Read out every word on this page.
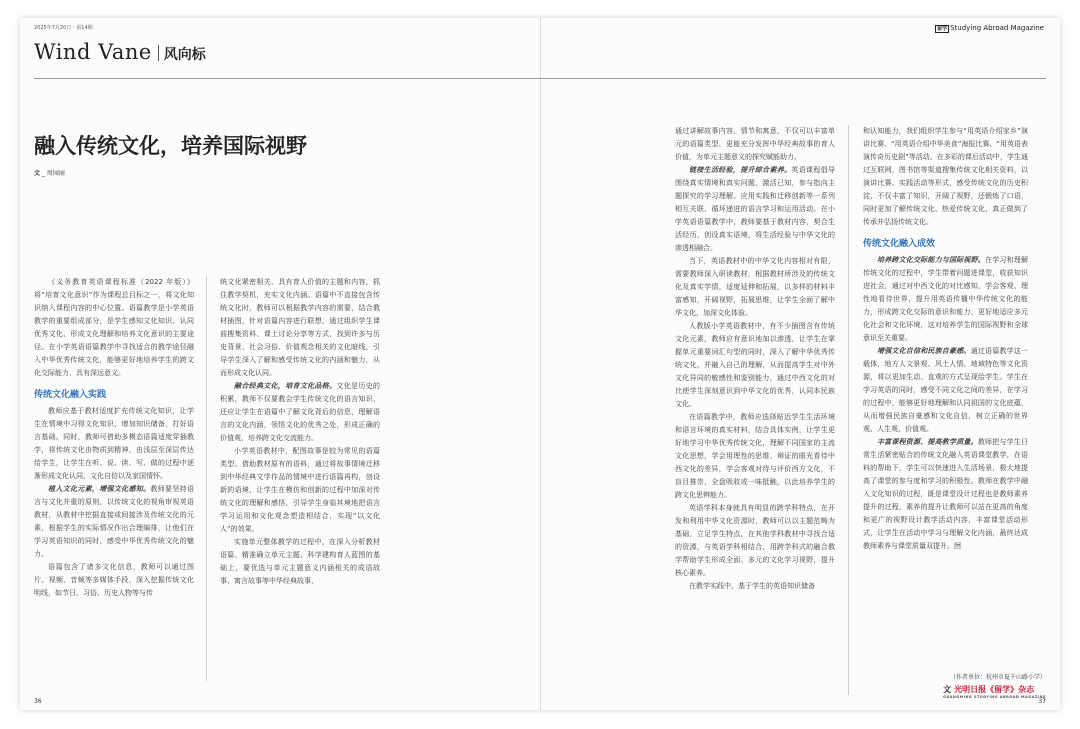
2025年7月20日・第14期	留学 Studying Abroad Magazine
Wind Vane 风向标
融入传统文化，培养国际视野
文 _ 周园丽

《义务教育英语课程标准（2022 年版）》将“培育文化意识”作为课程总目标之一，将文化知识纳入课程内容的中心位置。语篇教学是小学英语教学的重要组成部分，是学生感知文化知识、认同优秀文化、形成文化理解和培养文化意识的主要途径。在小学英语语篇教学中寻找适合的教学途径融入中华优秀传统文化，能够更好地培养学生的跨文化交际能力，具有深远意义。

传统文化融入实践

教师应基于教材适度扩充传统文化知识，让学生在情境中习得文化知识，增加知识储备，打好语言基础。同时，教师可借助多模态语篇适度穿插教学，将传统文化由物质到精神，由浅层至深层传达给学生，让学生在听、说、读、写、做的过程中逐渐形成文化认同、文化自信以及家国情怀。

植入文化元素，增强文化感知。教师要坚持语言与文化并重的原则，以传统文化的视角审视英语教材，从教材中挖掘直接或间接涉及传统文化的元素，根据学生的实际情况作出合理编排，让他们在学习英语知识的同时，感受中华优秀传统文化的魅力。

语篇包含了诸多文化信息，教师可以通过图片、视频、音频等多媒体手段，深入挖掘传统文化明线，如节日、习俗、历史人物等与传

统文化紧密相关、具有育人价值的主题和内容，抓住教学契机，充实文化内涵。语篇中不直接包含传统文化时，教师可以根据教学内容的需要，结合教材插图，针对语篇内容进行联想，通过组织学生课前搜集资料、课上讨论分享等方式，找到许多与历史背景、社会习俗、价值观念相关的文化暗线，引导学生深入了解和感受传统文化的内涵和魅力，从而形成文化认同。

融合经典文化，培育文化品格。文化是历史的积累，教师不仅要教会学生传统文化的语言知识，还应让学生在语篇中了解文化背后的信息，理解语言的文化内涵，领悟文化的优秀之处，形成正确的价值观，培养跨文化交流能力。

小学英语教材中，配图故事是较为常见的语篇类型。借助教材原有的语料，通过将故事情境迁移到中华经典文学作品的情境中进行语篇再构，创设新的语境，让学生在模仿和创新的过程中加深对传统文化的理解和感悟，引导学生身临其境地把语言学习运用和文化观念塑造相结合，实现“以文化人”的效果。

实施单元整体教学的过程中，在深入分析教材语篇、精准确立单元主题、科学建构育人蓝图的基础上，要优选与单元主题意义内涵相关的成语故事、寓言故事等中华经典故事，

通过讲解故事内容、情节和寓意，不仅可以丰富单元的语篇类型，更能充分发挥中华经典故事的育人价值，为单元主题意义的探究赋能助力。

链接生活经验，提升综合素养。英语课程倡导围绕真实情境和真实问题，激活已知，参与指向主题探究的学习理解、应用实践和迁移创新等一系列相互关联、循环递进的语言学习和运用活动。在小学英语语篇教学中，教师要基于教材内容，契合生活经历，创设真实语境，将生活经验与中华文化的渗透相融合。

当下，英语教材中的中华文化内容相对有限，需要教师深入研读教材，根据教材所涉及的传统文化及真实学情，适度延伸和拓展，以多样的材料丰富感知，开阔视野，拓展思维，让学生全面了解中华文化，加深文化体验。

人教版小学英语教材中，有不少插图含有传统文化元素，教师应有意识地加以渗透，让学生在掌握单元重要词汇句型的同时，深入了解中华优秀传统文化，并融入自己的理解，从而提高学生对中外文化异同的敏感性和鉴别能力，通过中西文化的对比使学生深刻意识到中华文化的优秀，认同本民族文化。

在语篇教学中，教师应选择贴近学生生活环境和语言环境的真实材料，结合具体实例，让学生更好地学习中华优秀传统文化，理解不同国家的主流文化思想，学会用理性的思维、辩证的眼光看待中西文化的差异，学会客观对待与评价西方文化，不盲目推崇，全盘吸收或一味抵触，以此培养学生的跨文化思辨能力。

英语学科本身就具有明显的跨学科特点，在开发和利用中华文化资源时，教师可以以主题范畴为基础，立足学生特点，在其他学科教材中寻找合适的资源，与英语学科相结合，用跨学科式的融合教学帮助学生形成全面、多元的文化学习视野，提升核心素养。

在教学实践中，基于学生的英语知识储备

和认知能力，我们组织学生参与“用英语介绍家乡”演讲比赛、“用英语介绍中华美食”海报比赛、“用英语表演传奇历史剧”等活动。在多彩的课后活动中，学生通过互联网、图书馆等渠道搜集传统文化相关资料，以演讲比赛、实践活动等形式，感受传统文化的历史积淀，不仅丰富了知识，开阔了视野，还锻炼了口语，同时更加了解传统文化、热爱传统文化，真正做到了传承并弘扬传统文化。

传统文化融入成效

培养跨文化交际能力与国际视野。在学习和理解传统文化的过程中，学生带着问题进课堂，收获知识进社会，通过对中西文化的对比感知，学会客观、理性地看待世界，提升用英语传播中华传统文化的能力，形成跨文化交际的意识和能力，更好地适应多元化社会和文化环境，这对培养学生的国际视野和全球意识至关重要。

增强文化自信和民族自豪感。通过语篇教学这一载体，地方人文景观、风土人情、地域特色等文化资源，将以更加生动、直观的方式呈现给学生。学生在学习英语的同时，感受不同文化之间的差异，在学习的过程中，能够更好地理解和认同祖国的文化底蕴，从而增强民族自豪感和文化自信，树立正确的世界观、人生观、价值观。

丰富课程资源、提高教学质量。教师把与学生日常生活紧密贴合的传统文化融入英语课堂教学，在语料的帮助下，学生可以快速进入生活场景，极大地提高了课堂的参与度和学习的积极性。教师在教学中融入文化知识的过程，既是课堂设计过程也是教师素养提升的过程，素养的提升让教师可以站在更高的角度和更广的视野设计教学活动内容，丰富课堂活动形式，让学生在活动中学习与理解文化内涵，最终达成教师素养与课堂质量双提升。囫

（作者单位：杭州市夏千山路小学）
文 光明日报《留学》杂志
GUANGMING STUDYING ABROAD MAGAZINE
36	37
